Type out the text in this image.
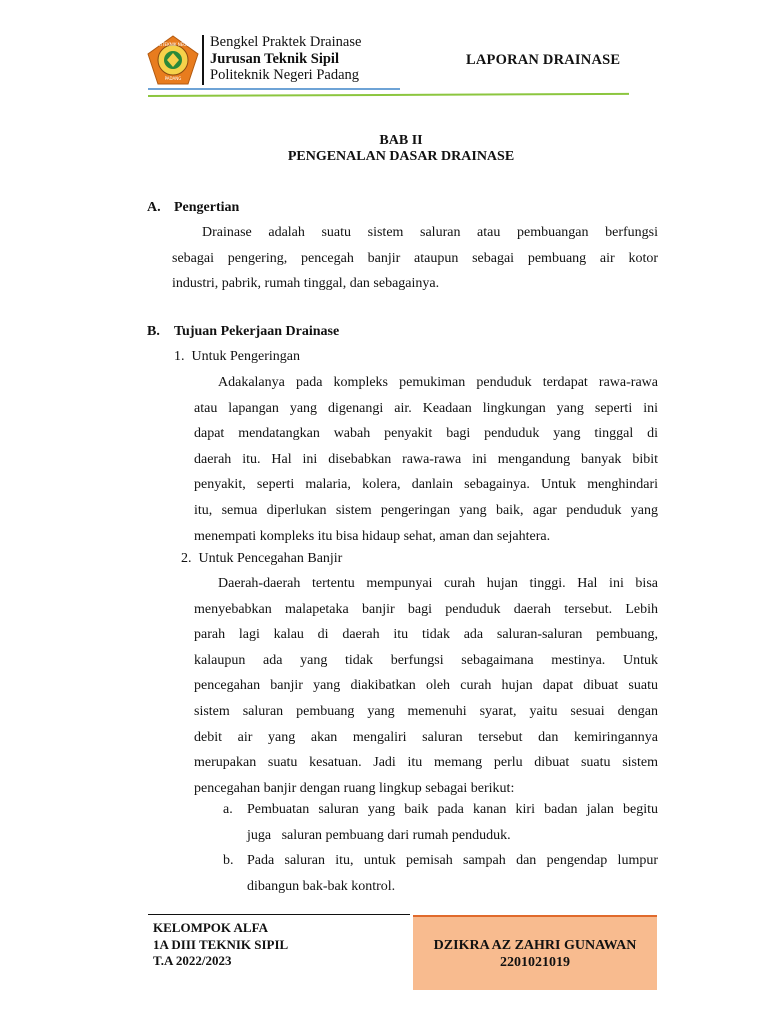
POLITEKNIK NEGERI
PADANG
Bengkel Praktek Drainase
Jurusan Teknik Sipil
Politeknik Negeri Padang
LAPORAN DRAINASE
BAB II
PENGENALAN DASAR DRAINASE
A. Pengertian
Drainase adalah suatu sistem saluran atau pembuangan berfungsi
sebagai pengering, pencegah banjir ataupun sebagai pembuang air kotor
industri, pabrik, rumah tinggal, dan sebagainya.
B. Tujuan Pekerjaan Drainase
1. Untuk Pengeringan
Adakalanya pada kompleks pemukiman penduduk terdapat rawa-rawa
atau lapangan yang digenangi air. Keadaan lingkungan yang seperti ini
dapat mendatangkan wabah penyakit bagi penduduk yang tinggal di
daerah itu. Hal ini disebabkan rawa-rawa ini mengandung banyak bibit
penyakit, seperti malaria, kolera, danlain sebagainya. Untuk menghindari
itu, semua diperlukan sistem pengeringan yang baik, agar penduduk yang
menempati kompleks itu bisa hidaup sehat, aman dan sejahtera.
2. Untuk Pencegahan Banjir
Daerah-daerah tertentu mempunyai curah hujan tinggi. Hal ini bisa
menyebabkan malapetaka banjir bagi penduduk daerah tersebut. Lebih
parah lagi kalau di daerah itu tidak ada saluran-saluran pembuang,
kalaupun ada yang tidak berfungsi sebagaimana mestinya. Untuk
pencegahan banjir yang diakibatkan oleh curah hujan dapat dibuat suatu
sistem saluran pembuang yang memenuhi syarat, yaitu sesuai dengan
debit air yang akan mengaliri saluran tersebut dan kemiringannya
merupakan suatu kesatuan. Jadi itu memang perlu dibuat suatu sistem
pencegahan banjir dengan ruang lingkup sebagai berikut:
a.	Pembuatan saluran yang baik pada kanan kiri badan jalan begitu
juga   saluran pembuang dari rumah penduduk.
b. Pada saluran itu, untuk pemisah sampah dan pengendap lumpur
dibangun bak-bak kontrol.
KELOMPOK ALFA
1A DIII TEKNIK SIPIL
T.A 2022/2023
DZIKRA AZ ZAHRI GUNAWAN
2201021019
